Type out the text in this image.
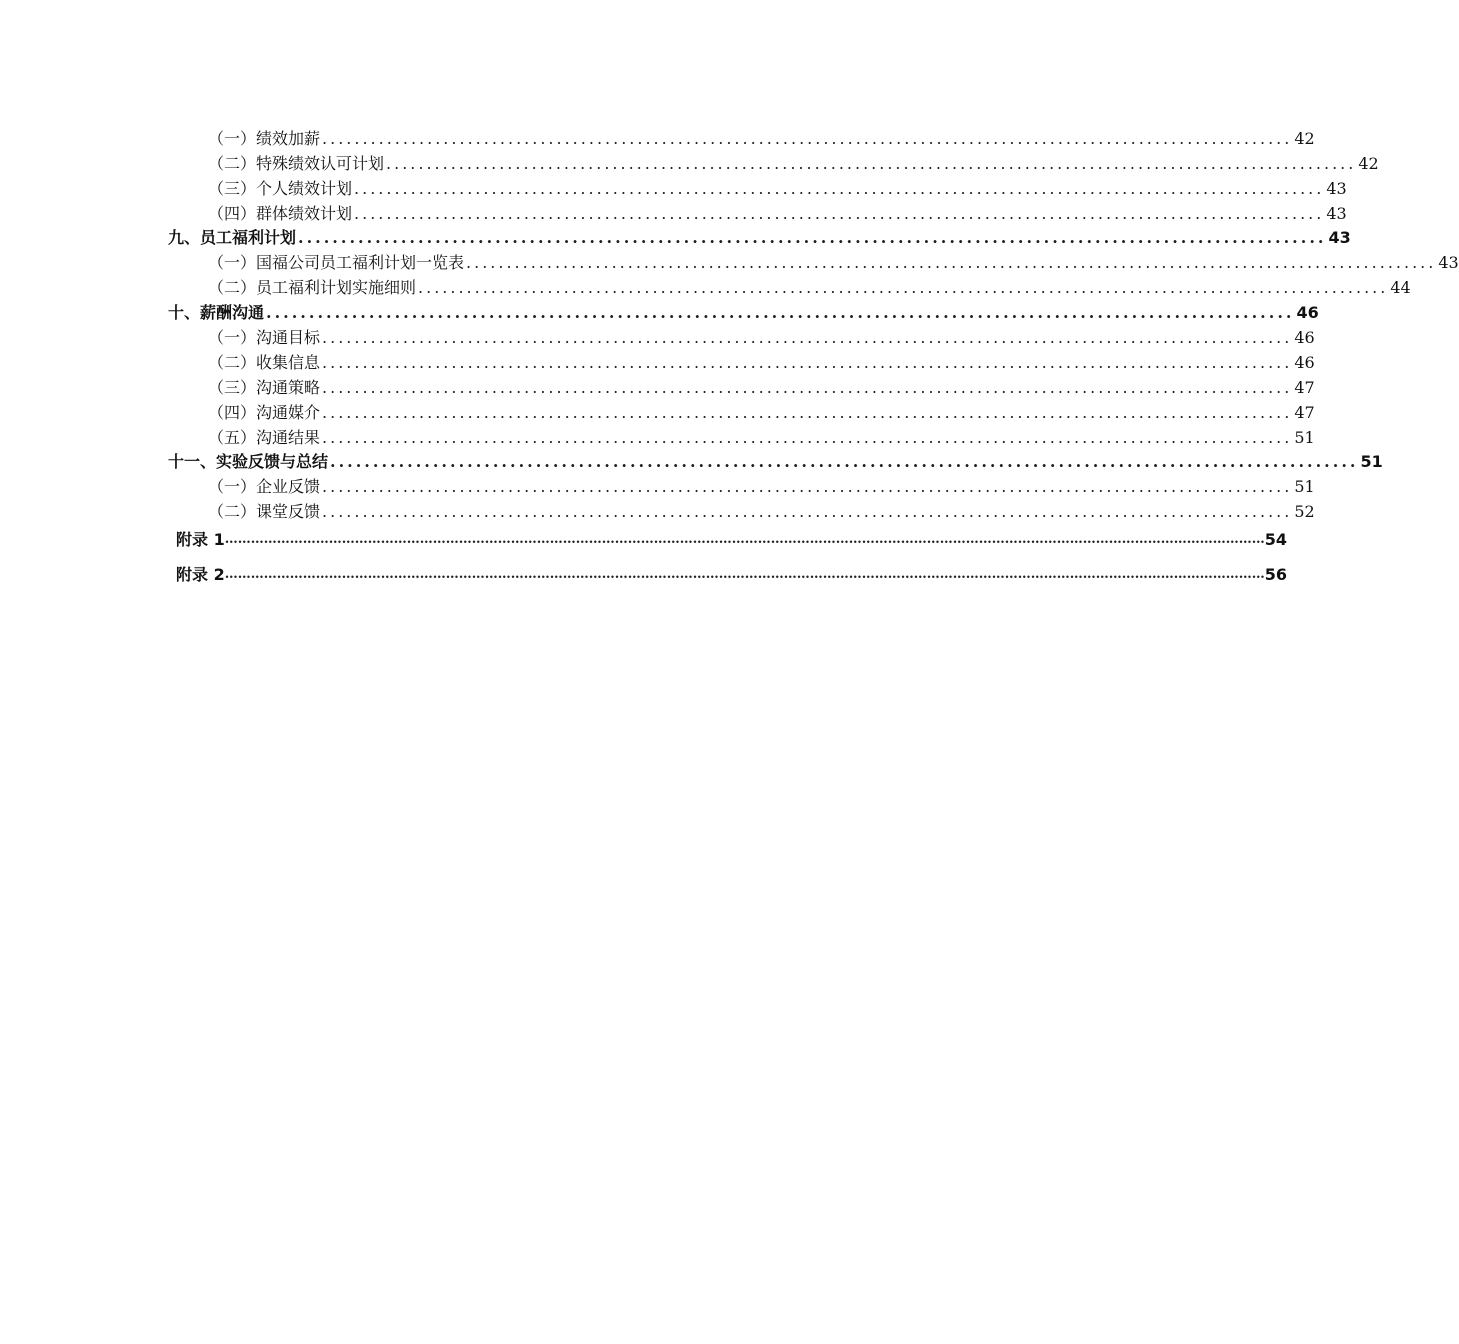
（一）绩效加薪 ........................................................................................................................ 42
（二）特殊绩效认可计划 ........................................................................................................................ 42
（三）个人绩效计划 ........................................................................................................................ 43
（四）群体绩效计划 ........................................................................................................................ 43
九、员工福利计划 ........................................................................................................................ 43
（一）国福公司员工福利计划一览表 ........................................................................................................................ 43
（二）员工福利计划实施细则 ........................................................................................................................ 44
十、薪酬沟通 ........................................................................................................................ 46
（一）沟通目标 ........................................................................................................................ 46
（二）收集信息 ........................................................................................................................ 46
（三）沟通策略 ........................................................................................................................ 47
（四）沟通媒介 ........................................................................................................................ 47
（五）沟通结果 ........................................................................................................................ 51
十一、实验反馈与总结 ........................................................................................................................ 51
（一）企业反馈 ........................................................................................................................ 51
（二）课堂反馈 ........................................................................................................................ 52
附录 1 …………………………………………………………………………………………………………………………………………………………………………………………………………………… 54
附录 2 …………………………………………………………………………………………………………………………………………………………………………………………………………………… 56
